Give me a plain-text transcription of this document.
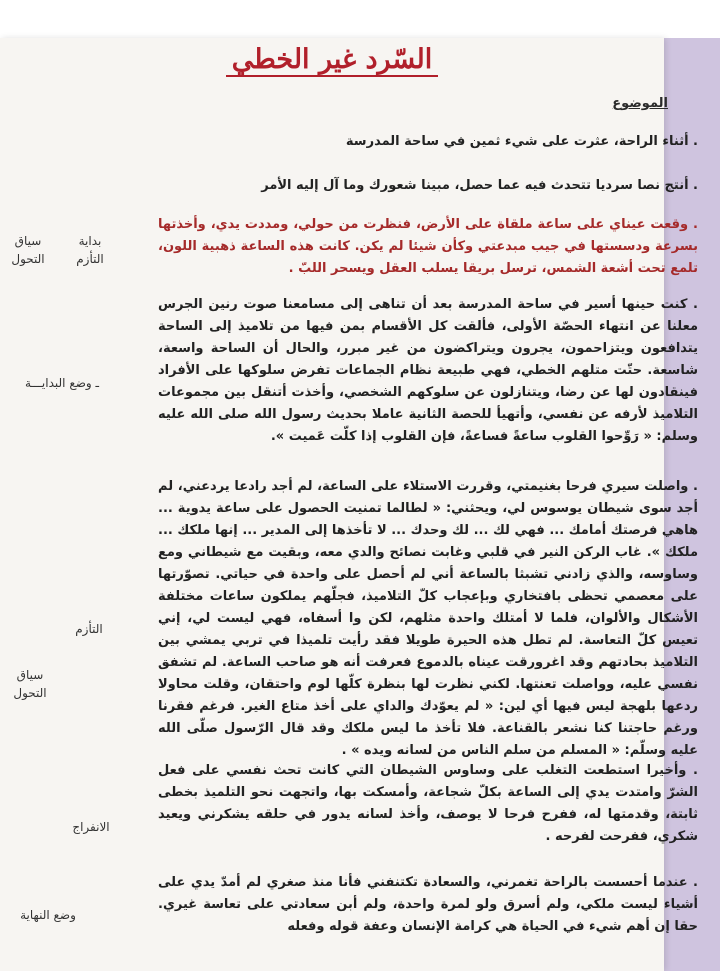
السّرد غير الخطي
الموضوع
. أثناء الراحة، عثرت على شيء ثمين في ساحة المدرسة
. أنتج نصا سرديا تتحدث فيه عما حصل، مبينا شعورك وما آل إليه الأمر
. وقعت عيناي على ساعة ملقاة على الأرض، فنظرت من حولي، ومددت يدي، وأخذتها بسرعة ودسستها في جيب مبدعتي وكأن شيئا لم يكن. كانت هذه الساعة ذهبية اللون، تلمع تحت أشعة الشمس، ترسل بريقا يسلب العقل ويسحر اللبّ .
. كنت حينها أسير في ساحة المدرسة بعد أن تناهى إلى مسامعنا صوت رنين الجرس معلنا عن انتهاء الحصّة الأولى، فألقت كل الأقسام بمن فيها من تلاميذ إلى الساحة يتدافعون ويتزاحمون، يجرون ويتراكضون من غير مبرر، والحال أن الساحة واسعة، شاسعة. حتّت متلهم الخطي، فهي طبيعة نظام الجماعات تفرض سلوكها على الأفراد فينقادون لها عن رضا، ويتنازلون عن سلوكهم الشخصي، وأخذت أتنقل بين مجموعات التلاميذ لأرفه عن نفسي، وأتهيأ للحصة الثانية عاملا بحديث رسول الله صلى الله عليه وسلم: « رَوِّحوا القلوب ساعةً فساعةً، فإن القلوب إذا كلّت عَميت ».
. واصلت سيري فرحا بغنيمتي، وقررت الاستلاء على الساعة، لم أجد رادعا يردعني، لم أجد سوى شيطان يوسوس لي، ويحثني: « لطالما تمنيت الحصول على ساعة يدوية ... هاهي فرصتك أمامك ... فهي لك ... لك وحدك ... لا تأخذها إلى المدير ... إنها ملكك ... ملكك ». غاب الركن النير في قلبي وغابت نصائح والدي معه، وبقيت مع شيطاني ومع وساوسه، والذي زادني تشبثا بالساعة أني لم أحصل على واحدة في حياتي. تصوّرتها على معصمي تحظى بافتخاري وبإعجاب كلّ التلاميذ، فجلّهم يملكون ساعات مختلفة الأشكال والألوان، فلما لا أمتلك واحدة مثلهم، لكن وا أسفاه، فهي ليست لي، إني تعيس كلّ التعاسة. لم تطل هذه الحيرة طويلا فقد رأيت تلميذا في تربي يمشي بين التلاميذ بحادتهم وقد اغرورقت عيناه بالدموع فعرفت أنه هو صاحب الساعة. لم تشفق نفسي عليه، وواصلت تعنتها. لكني نظرت لها بنظرة كلّها لوم واحتقان، وقلت محاولا ردعها بلهجة ليس فيها أي لين: « لم يعوّدك والداي على أخذ متاع الغير. فرغم فقرنا ورغم حاجتنا كنا نشعر بالقناعة. فلا تأخذ ما ليس ملكك وقد قال الرّسول صلّى الله عليه وسلّم: « المسلم من سلم الناس من لسانه ويده » .
. وأخيرا استطعت التغلب على وساوس الشيطان التي كانت تحث نفسي على فعل الشرّ وامتدت يدي إلى الساعة بكلّ شجاعة، وأمسكت بها، واتجهت نحو التلميذ بخطى ثابتة، وقدمتها له، ففرح فرحا لا يوصف، وأخذ لسانه يدور في حلقه يشكرني ويعيد شكري، ففرحت لفرحه .
. عندما أحسست بالراحة تغمرني، والسعادة تكتنفني فأنا منذ صغري لم أمدّ يدي على أشياء ليست ملكي، ولم أسرق ولو لمرة واحدة، ولم أبن سعادتي على تعاسة غيري. حقا إن أهم شيء في الحياة هي كرامة الإنسان وعفة قوله وفعله
بداية التأزم
سياق التحول
ـ وضع البدايـــة
التأزم
سياق التحول
الانفراج
وضع النهاية
